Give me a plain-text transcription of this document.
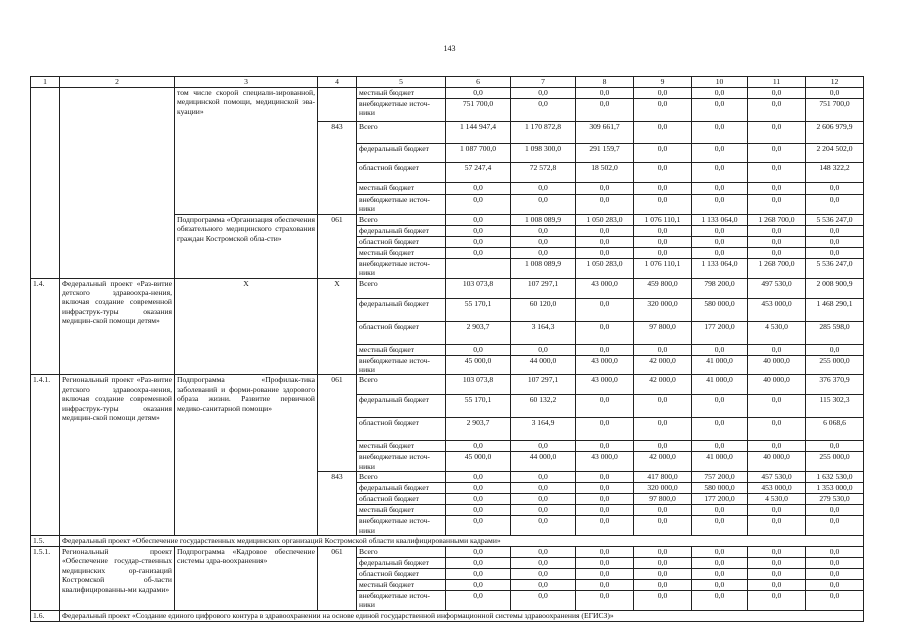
143
1	2	3	4	5	6	7	8	9	10	11	12
		том числе скорой специали-зированной, медицинской помощи, медицинской эва-куации»		местный бюджет	0,0	0,0	0,0	0,0	0,0	0,0	0,0
				внебюджетные источ-ники	751 700,0	0,0	0,0	0,0	0,0	0,0	751 700,0
			843	Всего	1 144 947,4	1 170 872,8	309 661,7	0,0	0,0	0,0	2 606 979,9
				федеральный бюджет	1 087 700,0	1 098 300,0	291 159,7	0,0	0,0	0,0	2 204 502,0
				областной бюджет	57 247,4	72 572,8	18 502,0	0,0	0,0	0,0	148 322,2
				местный бюджет	0,0	0,0	0,0	0,0	0,0	0,0	0,0
				внебюджетные источ-ники	0,0	0,0	0,0	0,0	0,0	0,0	0,0
		Подпрограмма «Организация обеспечения обязательного медицинского страхования граждан Костромской обла-сти»	061	Всего	0,0	1 008 089,9	1 050 283,0	1 076 110,1	1 133 064,0	1 268 700,0	5 536 247,0
				федеральный бюджет	0,0	0,0	0,0	0,0	0,0	0,0	0,0
				областной бюджет	0,0	0,0	0,0	0,0	0,0	0,0	0,0
				местный бюджет	0,0	0,0	0,0	0,0	0,0	0,0	0,0
				внебюджетные источ-ники		1 008 089,9	1 050 283,0	1 076 110,1	1 133 064,0	1 268 700,0	5 536 247,0
1.4.	Федеральный проект «Раз-витие детского здравоохра-нения, включая создание современной инфраструк-туры оказания медицин-ской помощи детям»	X	X	Всего	103 073,8	107 297,1	43 000,0	459 800,0	798 200,0	497 530,0	2 008 900,9
				федеральный бюджет	55 170,1	60 120,0	0,0	320 000,0	580 000,0	453 000,0	1 468 290,1
				областной бюджет	2 903,7	3 164,3	0,0	97 800,0	177 200,0	4 530,0	285 598,0
				местный бюджет	0,0	0,0	0,0	0,0	0,0	0,0	0,0
				внебюджетные источ-ники	45 000,0	44 000,0	43 000,0	42 000,0	41 000,0	40 000,0	255 000,0
1.4.1.	Региональный проект «Раз-витие детского здравоохра-нения, включая создание современной инфраструк-туры оказания медицин-ской помощи детям»	Подпрограмма «Профилак-тика заболеваний и форми-рование здорового образа жизни. Развитие первичной медико-санитарной помощи»	061	Всего	103 073,8	107 297,1	43 000,0	42 000,0	41 000,0	40 000,0	376 370,9
				федеральный бюджет	55 170,1	60 132,2	0,0	0,0	0,0	0,0	115 302,3
				областной бюджет	2 903,7	3 164,9	0,0	0,0	0,0	0,0	6 068,6
				местный бюджет	0,0	0,0	0,0	0,0	0,0	0,0	0,0
				внебюджетные источ-ники	45 000,0	44 000,0	43 000,0	42 000,0	41 000,0	40 000,0	255 000,0
			843	Всего	0,0	0,0	0,0	417 800,0	757 200,0	457 530,0	1 632 530,0
				федеральный бюджет	0,0	0,0	0,0	320 000,0	580 000,0	453 000,0	1 353 000,0
				областной бюджет	0,0	0,0	0,0	97 800,0	177 200,0	4 530,0	279 530,0
				местный бюджет	0,0	0,0	0,0	0,0	0,0	0,0	0,0
				внебюджетные источ-ники	0,0	0,0	0,0	0,0	0,0	0,0	0,0
1.5.	Федеральный проект «Обеспечение государственных медицинских организаций Костромской области квалифицированными кадрами»										
1.5.1.	Региональный проект «Обеспечение государ-ственных медицинских ор-ганизаций Костромской об-ласти квалифицированны-ми кадрами»	Подпрограмма «Кадровое обеспечение системы здра-воохранения»	061	Всего	0,0	0,0	0,0	0,0	0,0	0,0	0,0
				федеральный бюджет	0,0	0,0	0,0	0,0	0,0	0,0	0,0
				областной бюджет	0,0	0,0	0,0	0,0	0,0	0,0	0,0
				местный бюджет	0,0	0,0	0,0	0,0	0,0	0,0	0,0
				внебюджетные источ-ники	0,0	0,0	0,0	0,0	0,0	0,0	0,0
1.6.	Федеральный проект «Создание единого цифрового контура в здравоохранении на основе единой государственной информационной системы здравоохранения (ЕГИСЗ)»										
